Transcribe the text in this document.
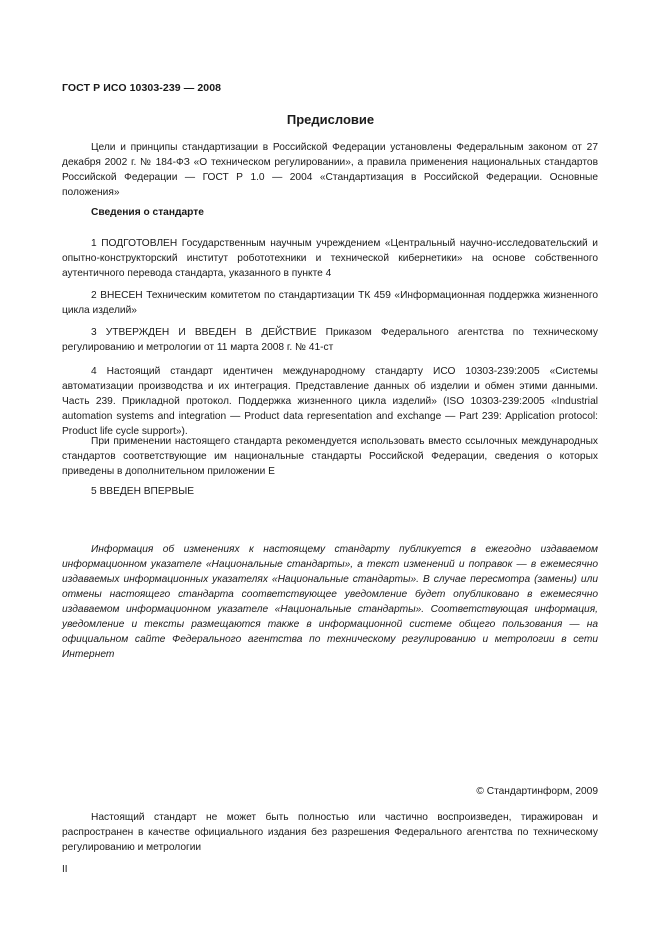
ГОСТ Р ИСО 10303-239 — 2008
Предисловие

Цели и принципы стандартизации в Российской Федерации установлены Федеральным законом от 27 декабря 2002 г. № 184-ФЗ «О техническом регулировании», а правила применения национальных стандартов Российской Федерации — ГОСТ Р 1.0 — 2004 «Стандартизация в Российской Федерации. Основные положения»

Сведения о стандарте

1 ПОДГОТОВЛЕН Государственным научным учреждением «Центральный научно-исследовательский и опытно-конструкторский институт робототехники и технической кибернетики» на основе собственного аутентичного перевода стандарта, указанного в пункте 4

2 ВНЕСЕН Техническим комитетом по стандартизации ТК 459 «Информационная поддержка жизненного цикла изделий»

3 УТВЕРЖДЕН И ВВЕДЕН В ДЕЙСТВИЕ Приказом Федерального агентства по техническому регулированию и метрологии от 11 марта 2008 г. № 41-ст

4 Настоящий стандарт идентичен международному стандарту ИСО 10303-239:2005 «Системы автоматизации производства и их интеграция. Представление данных об изделии и обмен этими данными. Часть 239. Прикладной протокол. Поддержка жизненного цикла изделий» (ISO 10303-239:2005 «Industrial automation systems and integration — Product data representation and exchange — Part 239: Application protocol: Product life cycle support»).

При применении настоящего стандарта рекомендуется использовать вместо ссылочных международных стандартов соответствующие им национальные стандарты Российской Федерации, сведения о которых приведены в дополнительном приложении Е

5 ВВЕДЕН ВПЕРВЫЕ

Информация об изменениях к настоящему стандарту публикуется в ежегодно издаваемом информационном указателе «Национальные стандарты», а текст изменений и поправок — в ежемесячно издаваемых информационных указателях «Национальные стандарты». В случае пересмотра (замены) или отмены настоящего стандарта соответствующее уведомление будет опубликовано в ежемесячно издаваемом информационном указателе «Национальные стандарты». Соответствующая информация, уведомление и тексты размещаются также в информационной системе общего пользования — на официальном сайте Федерального агентства по техническому регулированию и метрологии в сети Интернет

© Стандартинформ, 2009

Настоящий стандарт не может быть полностью или частично воспроизведен, тиражирован и распространен в качестве официального издания без разрешения Федерального агентства по техническому регулированию и метрологии

II
